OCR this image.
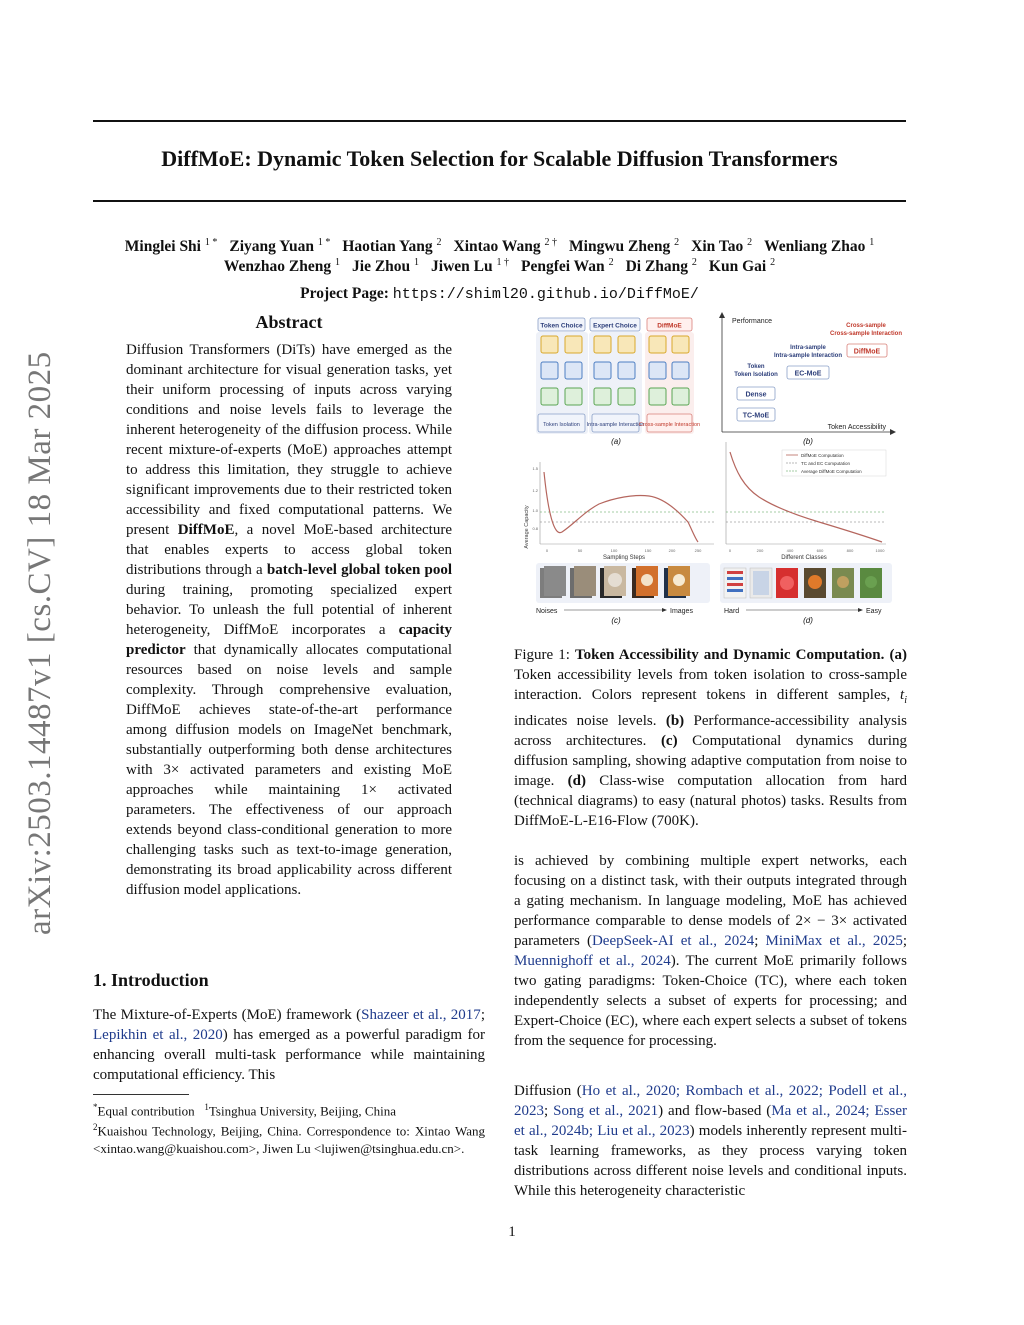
DiffMoE: Dynamic Token Selection for Scalable Diffusion Transformers
Minglei Shi $^{1 *}$ Ziyang Yuan $^{1 *}$ Haotian Yang $^2$ Xintao Wang $^{2 \dagger}$ Mingwu Zheng $^2$ Xin Tao $^2$ Wenliang Zhao $^1$
Wenzhao Zheng $^1$ Jie Zhou $^1$ Jiwen Lu $^{1 \dagger}$ Pengfei Wan $^2$ Di Zhang $^2$ Kun Gai $^2$
Project Page: https://shiml20.github.io/DiffMoE/
arXiv:2503.14487v1 [cs.CV] 18 Mar 2025
Abstract
Diffusion Transformers (DiTs) have emerged as the dominant architecture for visual generation tasks, yet their uniform processing of inputs across varying conditions and noise levels fails to leverage the inherent heterogeneity of the diffusion process. While recent mixture-of-experts (MoE) approaches attempt to address this limitation, they struggle to achieve significant improvements due to their restricted token accessibility and fixed computational patterns. We present DiffMoE, a novel MoE-based architecture that enables experts to access global token distributions through a batch-level global token pool during training, promoting specialized expert behavior. To unleash the full potential of inherent heterogeneity, DiffMoE incorporates a capacity predictor that dynamically allocates computational resources based on noise levels and sample complexity. Through comprehensive evaluation, DiffMoE achieves state-of-the-art performance among diffusion models on ImageNet benchmark, substantially outperforming both dense architectures with 3× activated parameters and existing MoE approaches while maintaining 1× activated parameters. The effectiveness of our approach extends beyond class-conditional generation to more challenging tasks such as text-to-image generation, demonstrating its broad applicability across different diffusion model applications.
1. Introduction
The Mixture-of-Experts (MoE) framework (Shazeer et al., 2017; Lepikhin et al., 2020) has emerged as a powerful paradigm for enhancing overall multi-task performance while maintaining computational efficiency. This
*Equal contribution $^1$Tsinghua University, Beijing, China
$^2$Kuaishou Technology, Beijing, China. Correspondence to: Xintao Wang <xintao.wang@kuaishou.com>, Jiwen Lu <lujiwen@tsinghua.edu.cn>.
Token Choice Expert Choice	DiffMoE
Token Isolation Intra-sample Interaction
Cross-sample Interaction
(a)
Performance
Token Accessibility
Cross-sample
Cross-sample Interaction
DiffMoE
Intra-sample
Intra-sample Interaction
EC-MoE
Token
Token Isolation
Dense
TC-MoE
(b)
Average Capacity
1.5
1.2
1.0
0.8
0	50	100	150	200	250
Sampling Steps
Noises	Images
(c)
DiffMoE Computation
TC and EC Computation
Average DiffMoE Computation
0	200	400	600	800	1000
Different Classes
Hard	Easy
(d)
Figure 1: Token Accessibility and Dynamic Computation. (a) Token accessibility levels from token isolation to cross-sample interaction. Colors represent tokens in different samples, $t_i$ indicates noise levels. (b) Performance-accessibility analysis across architectures. (c) Computational dynamics during diffusion sampling, showing adaptive computation from noise to image. (d) Class-wise computation allocation from hard (technical diagrams) to easy (natural photos) tasks. Results from DiffMoE-L-E16-Flow (700K).
is achieved by combining multiple expert networks, each focusing on a distinct task, with their outputs integrated through a gating mechanism. In language modeling, MoE has achieved performance comparable to dense models of 2× − 3× activated parameters (DeepSeek-AI et al., 2024; MiniMax et al., 2025; Muennighoff et al., 2024). The current MoE primarily follows two gating paradigms: Token-Choice (TC), where each token independently selects a subset of experts for processing; and Expert-Choice (EC), where each expert selects a subset of tokens from the sequence for processing.
Diffusion (Ho et al., 2020; Rombach et al., 2022; Podell et al., 2023; Song et al., 2021) and flow-based (Ma et al., 2024; Esser et al., 2024b; Liu et al., 2023) models inherently represent multi-task learning frameworks, as they process varying token distributions across different noise levels and conditional inputs. While this heterogeneity characteristic
1
